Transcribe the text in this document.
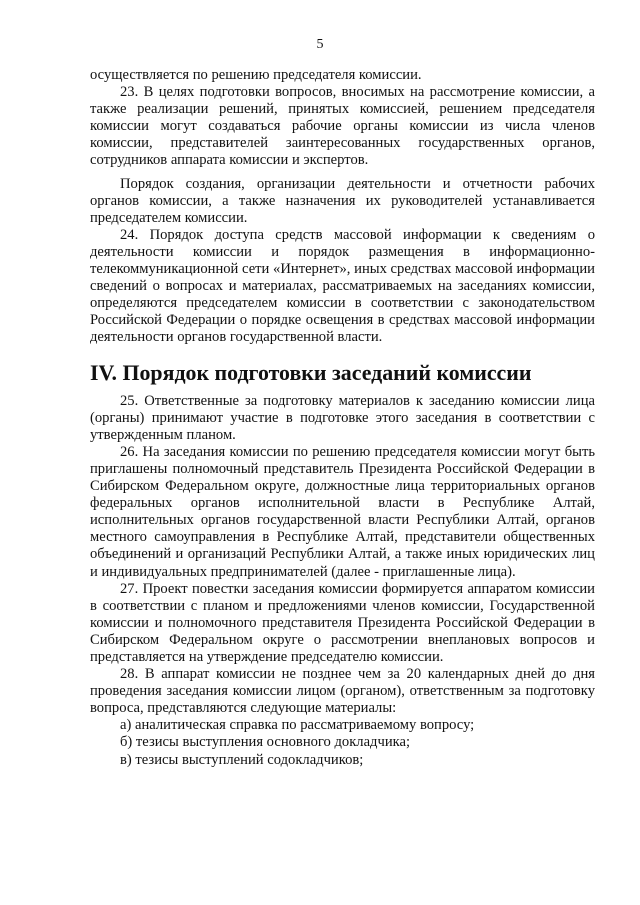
5

осуществляется по решению председателя комиссии.

23. В целях подготовки вопросов, вносимых на рассмотрение комиссии, а также реализации решений, принятых комиссией, решением председателя комиссии могут создаваться рабочие органы комиссии из числа членов комиссии, представителей заинтересованных государственных органов, сотрудников аппарата комиссии и экспертов.

Порядок создания, организации деятельности и отчетности рабочих органов комиссии, а также назначения их руководителей устанавливается председателем комиссии.

24. Порядок доступа средств массовой информации к сведениям о деятельности комиссии и порядок размещения в информационно-телекоммуникационной сети «Интернет», иных средствах массовой информации сведений о вопросах и материалах, рассматриваемых на заседаниях комиссии, определяются председателем комиссии в соответствии с законодательством Российской Федерации о порядке освещения в средствах массовой информации деятельности органов государственной власти.

IV. Порядок подготовки заседаний комиссии

25. Ответственные за подготовку материалов к заседанию комиссии лица (органы) принимают участие в подготовке этого заседания в соответствии с утвержденным планом.

26. На заседания комиссии по решению председателя комиссии могут быть приглашены полномочный представитель Президента Российской Федерации в Сибирском Федеральном округе, должностные лица территориальных органов федеральных органов исполнительной власти в Республике Алтай, исполнительных органов государственной власти Республики Алтай, органов местного самоуправления в Республике Алтай, представители общественных объединений и организаций Республики Алтай, а также иных юридических лиц и индивидуальных предпринимателей (далее - приглашенные лица).

27. Проект повестки заседания комиссии формируется аппаратом комиссии в соответствии с планом и предложениями членов комиссии, Государственной комиссии и полномочного представителя Президента Российской Федерации в Сибирском Федеральном округе о рассмотрении внеплановых вопросов и представляется на утверждение председателю комиссии.

28. В аппарат комиссии не позднее чем за 20 календарных дней до дня проведения заседания комиссии лицом (органом), ответственным за подготовку вопроса, представляются следующие материалы:

а) аналитическая справка по рассматриваемому вопросу;

б) тезисы выступления основного докладчика;

в) тезисы выступлений содокладчиков;
